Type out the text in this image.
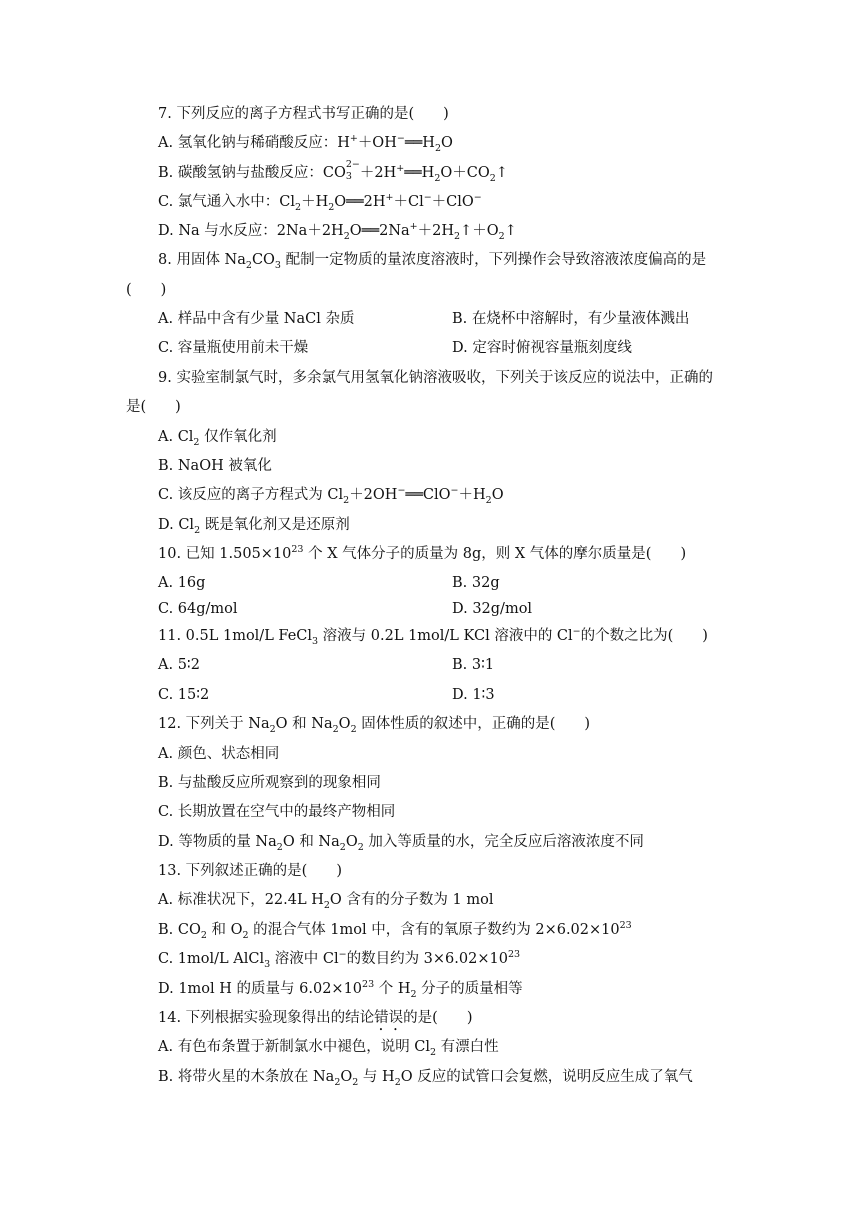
7. 下列反应的离子方程式书写正确的是(　　)
A. 氢氧化钠与稀硝酸反应：$H^++OH^-══H_2O$
B. 碳酸氢钠与盐酸反应：CO
2−
$3 +2H^+══H_2O+CO_2↑$
C. 氯气通入水中：$Cl_2+H_2O══2H^++Cl^-+ClO^-$
D. Na 与水反应：$2Na+2H_2O══2Na^++2H_2↑+O_2↑$
8. 用固体 $Na_2CO_3$ 配制一定物质的量浓度溶液时，下列操作会导致溶液浓度偏高的是
(　　)
A. 样品中含有少量 NaCl 杂质	B. 在烧杯中溶解时，有少量液体溅出
C. 容量瓶使用前未干燥	D. 定容时俯视容量瓶刻度线
9. 实验室制氯气时，多余氯气用氢氧化钠溶液吸收，下列关于该反应的说法中，正确的
是(　　)
A. $Cl_2$ 仅作氧化剂
B. NaOH 被氧化
C. 该反应的离子方程式为 $Cl_2+2OH^-══ClO^-+H_2O$
D. $Cl_2$ 既是氧化剂又是还原剂
10. 已知 $1.505\times 10^{23}$ 个 X 气体分子的质量为 8g，则 X 气体的摩尔质量是(　　)
A. 16g	B. 32g
C. 64g/mol	D. 32g/mol
11. 0.5L 1mol/L FeCl$_3$ 溶液与 0.2L 1mol/L KCl 溶液中的 Cl−的个数之比为(　　)
A. 5∶2	B. 3∶1
C. 15∶2	D. 1∶3
12. 下列关于 $Na_2O$ 和 $Na_2O_2$ 固体性质的叙述中，正确的是(　　)
A. 颜色、状态相同
B. 与盐酸反应所观察到的现象相同
C. 长期放置在空气中的最终产物相同
D. 等物质的量 $Na_2O$ 和 $Na_2O_2$ 加入等质量的水，完全反应后溶液浓度不同
13. 下列叙述正确的是(　　)
A. 标准状况下，22.4L $H_2O$ 含有的分子数为 1 mol
B. $CO_2$ 和 $O_2$ 的混合气体 1mol 中，含有的氧原子数约为 $2\times 6.02\times 10^{23}$
C. 1mol/L AlCl$_3$ 溶液中 Cl−的数目约为 $3\times 6.02\times 10^{23}$
D. 1mol H 的质量与 $6.02\times 10^{23}$ 个 $H_2$ 分子的质量相等
14. 下列根据实验现象得出的结论错误的是(　　)
A. 有色布条置于新制氯水中褪色，说明 $Cl_2$ 有漂白性
B. 将带火星的木条放在 $Na_2O_2$ 与 $H_2O$ 反应的试管口会复燃，说明反应生成了氧气
